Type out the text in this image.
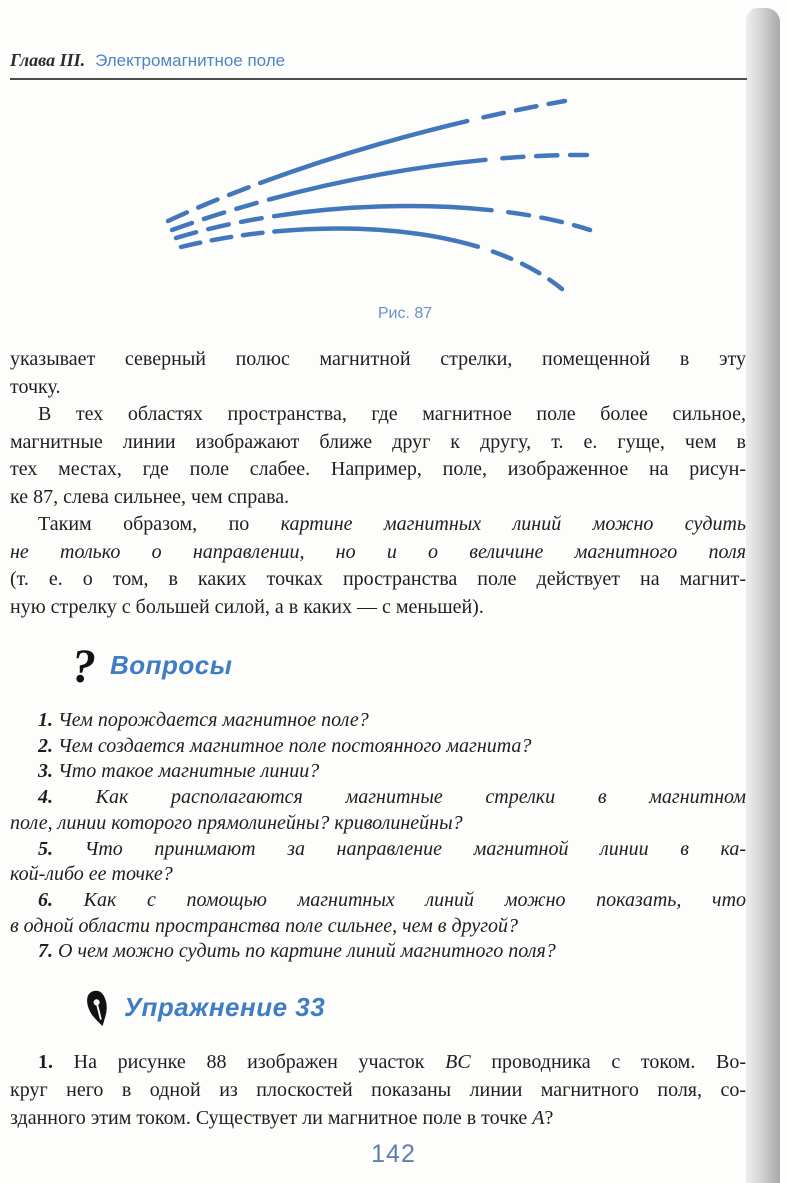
Глава III. Электромагнитное поле
Рис. 87
указывает северный полюс магнитной стрелки, помещенной в эту
точку.
В тех областях пространства, где магнитное поле более сильное,
магнитные линии изображают ближе друг к другу, т. е. гуще, чем в
тех местах, где поле слабее. Например, поле, изображенное на рисун-
ке 87, слева сильнее, чем справа.
Таким образом, по картине магнитных линий можно судить
не только о направлении, но и о величине магнитного поля
(т. е. о том, в каких точках пространства поле действует на магнит-
ную стрелку с большей силой, а в каких — с меньшей).
? Вопросы
1. Чем порождается магнитное поле?
2. Чем создается магнитное поле постоянного магнита?
3. Что такое магнитные линии?
4. Как располагаются магнитные стрелки в магнитном
поле, линии которого прямолинейны? криволинейны?
5. Что принимают за направление магнитной линии в ка-
кой-либо ее точке?
6. Как с помощью магнитных линий можно показать, что
в одной области пространства поле сильнее, чем в другой?
7. О чем можно судить по картине линий магнитного поля?
Упражнение 33
1. На рисунке 88 изображен участок BC проводника с током. Во-
круг него в одной из плоскостей показаны линии магнитного поля, со-
зданного этим током. Существует ли магнитное поле в точке A?
142
